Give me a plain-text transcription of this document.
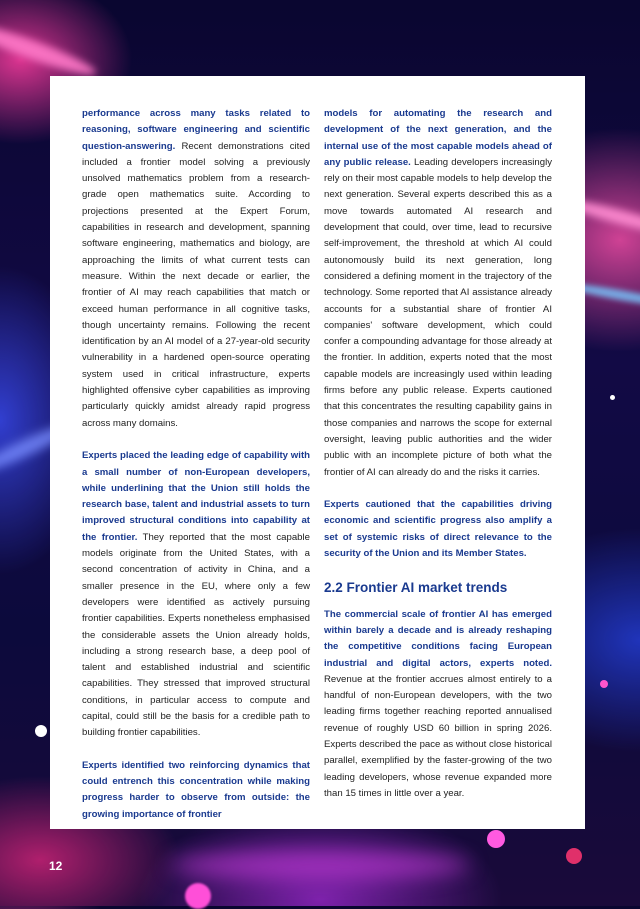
performance across many tasks related to reasoning, software engineering and scientific question-answering. Recent demonstrations cited included a frontier model solving a previously unsolved mathematics problem from a research-grade open mathematics suite. According to projections presented at the Expert Forum, capabilities in research and development, spanning software engineering, mathematics and biology, are approaching the limits of what current tests can measure. Within the next decade or earlier, the frontier of AI may reach capabilities that match or exceed human performance in all cognitive tasks, though uncertainty remains. Following the recent identification by an AI model of a 27-year-old security vulnerability in a hardened open-source operating system used in critical infrastructure, experts highlighted offensive cyber capabilities as improving particularly quickly amidst already rapid progress across many domains.

Experts placed the leading edge of capability with a small number of non-European developers, while underlining that the Union still holds the research base, talent and industrial assets to turn improved structural conditions into capability at the frontier. They reported that the most capable models originate from the United States, with a second concentration of activity in China, and a smaller presence in the EU, where only a few developers were identified as actively pursuing frontier capabilities. Experts nonetheless emphasised the considerable assets the Union already holds, including a strong research base, a deep pool of talent and established industrial and scientific capabilities. They stressed that improved structural conditions, in particular access to compute and capital, could still be the basis for a credible path to building frontier capabilities.

Experts identified two reinforcing dynamics that could entrench this concentration while making progress harder to observe from outside: the growing importance of frontier

models for automating the research and development of the next generation, and the internal use of the most capable models ahead of any public release. Leading developers increasingly rely on their most capable models to help develop the next generation. Several experts described this as a move towards automated AI research and development that could, over time, lead to recursive self-improvement, the threshold at which AI could autonomously build its next generation, long considered a defining moment in the trajectory of the technology. Some reported that AI assistance already accounts for a substantial share of frontier AI companies' software development, which could confer a compounding advantage for those already at the frontier. In addition, experts noted that the most capable models are increasingly used within leading firms before any public release. Experts cautioned that this concentrates the resulting capability gains in those companies and narrows the scope for external oversight, leaving public authorities and the wider public with an incomplete picture of both what the frontier of AI can already do and the risks it carries.

Experts cautioned that the capabilities driving economic and scientific progress also amplify a set of systemic risks of direct relevance to the security of the Union and its Member States.

2.2 Frontier AI market trends

The commercial scale of frontier AI has emerged within barely a decade and is already reshaping the competitive conditions facing European industrial and digital actors, experts noted. Revenue at the frontier accrues almost entirely to a handful of non-European developers, with the two leading firms together reaching reported annualised revenue of roughly USD 60 billion in spring 2026. Experts described the pace as without close historical parallel, exemplified by the faster-growing of the two leading developers, whose revenue expanded more than 15 times in little over a year.

12
